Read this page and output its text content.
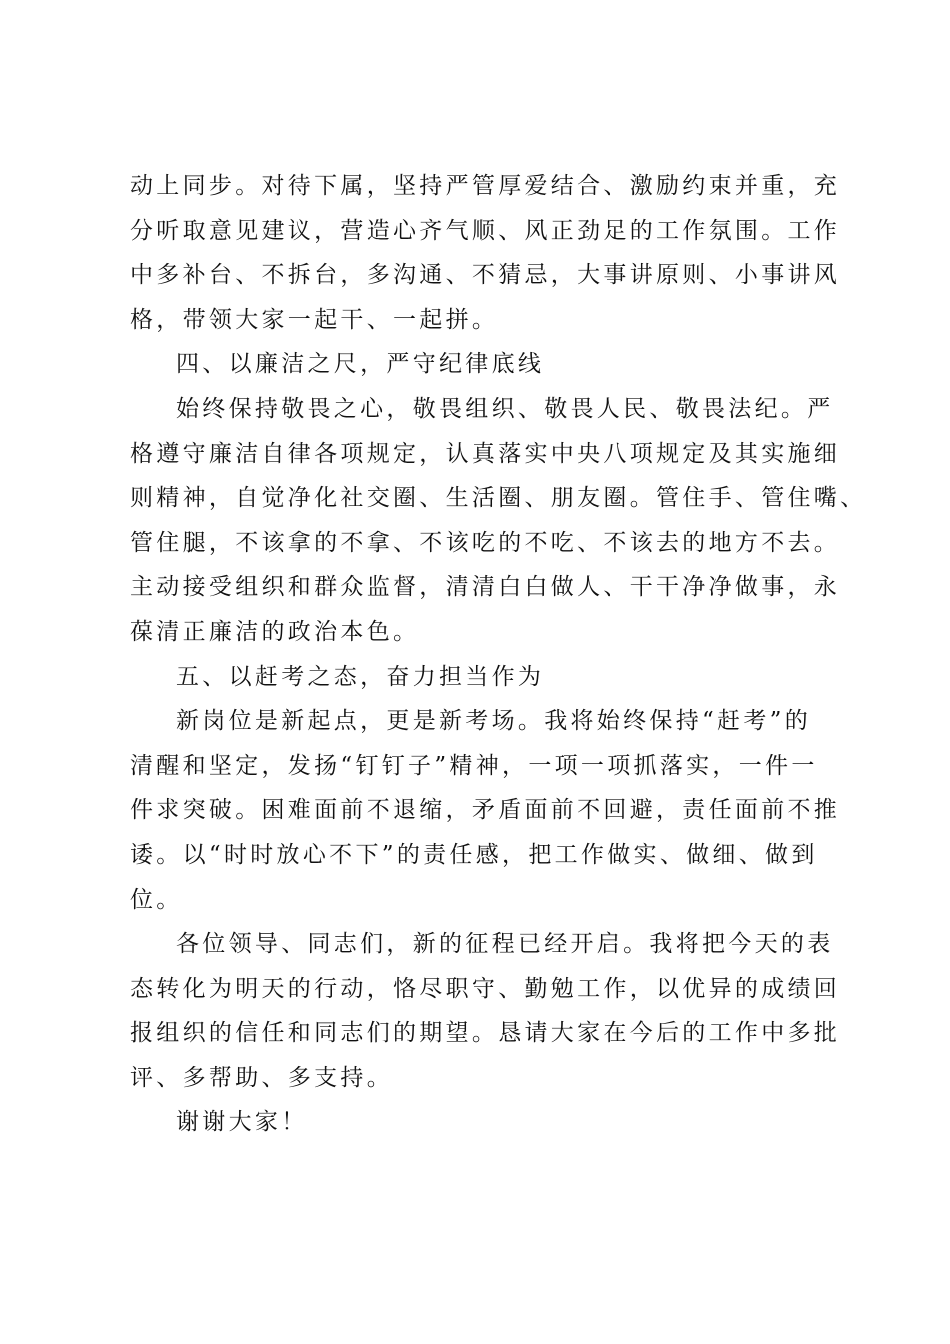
动上同步。对待下属，坚持严管厚爱结合、激励约束并重，充
分听取意见建议，营造心齐气顺、风正劲足的工作氛围。工作
中多补台、不拆台，多沟通、不猜忌，大事讲原则、小事讲风
格，带领大家一起干、一起拼。
四、以廉洁之尺，严守纪律底线
始终保持敬畏之心，敬畏组织、敬畏人民、敬畏法纪。严
格遵守廉洁自律各项规定，认真落实中央八项规定及其实施细
则精神，自觉净化社交圈、生活圈、朋友圈。管住手、管住嘴、
管住腿，不该拿的不拿、不该吃的不吃、不该去的地方不去。
主动接受组织和群众监督，清清白白做人、干干净净做事，永
葆清正廉洁的政治本色。
五、以赶考之态，奋力担当作为
新岗位是新起点，更是新考场。我将始终保持“赶考”的
清醒和坚定，发扬“钉钉子”精神，一项一项抓落实，一件一
件求突破。困难面前不退缩，矛盾面前不回避，责任面前不推
诿。以“时时放心不下”的责任感，把工作做实、做细、做到
位。
各位领导、同志们，新的征程已经开启。我将把今天的表
态转化为明天的行动，恪尽职守、勤勉工作，以优异的成绩回
报组织的信任和同志们的期望。恳请大家在今后的工作中多批
评、多帮助、多支持。
谢谢大家！
